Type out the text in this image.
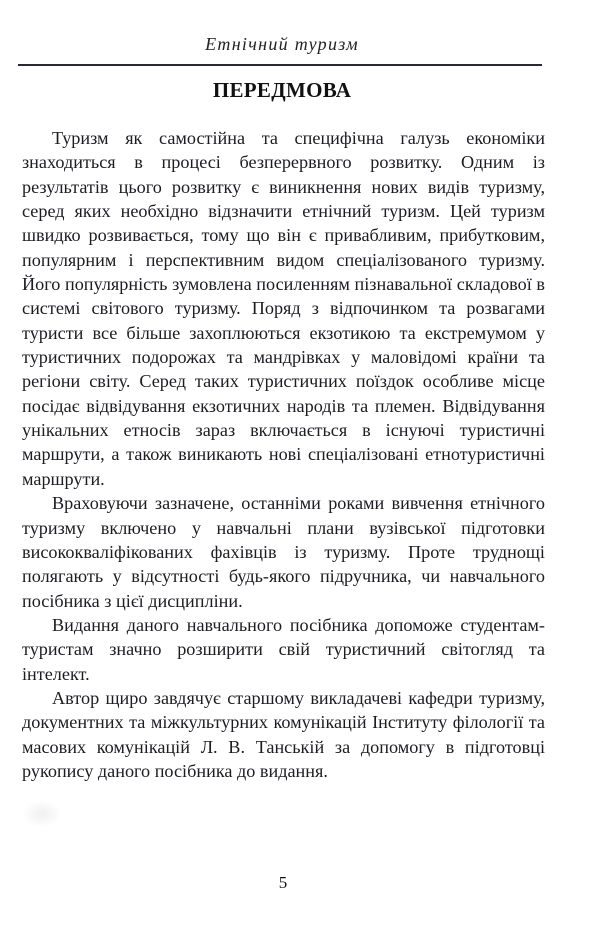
Етнічний туризм
ПЕРЕДМОВА

Туризм як самостійна та специфічна галузь економіки знаходиться в процесі безперервного розвитку. Одним із результатів цього розвитку є виникнення нових видів туризму, серед яких необхідно відзначити етнічний туризм. Цей туризм швидко розвивається, тому що він є привабливим, прибутковим, популярним і перспективним видом спеціалізованого туризму. Його популярність зумовлена посиленням пізнавальної складової в системі світового туризму. Поряд з відпочинком та розвагами туристи все більше захоплюються екзотикою та екстремумом у туристичних подорожах та мандрівках у маловідомі країни та регіони світу. Серед таких туристичних поїздок особливе місце посідає відвідування екзотичних народів та племен. Відвідування унікальних етносів зараз включається в існуючі туристичні маршрути, а також виникають нові спеціалізовані етнотуристичні маршрути.

Враховуючи зазначене, останніми роками вивчення етнічного туризму включено у навчальні плани вузівської підготовки висококваліфікованих фахівців із туризму. Проте труднощі полягають у відсутності будь-якого підручника, чи навчального посібника з цієї дисципліни.

Видання даного навчального посібника допоможе студентам-туристам значно розширити свій туристичний світогляд та інтелект.

Автор щиро завдячує старшому викладачеві кафедри туризму, документних та міжкультурних комунікацій Інституту філології та масових комунікацій Л. В. Танській за допомогу в підготовці рукопису даного посібника до видання.

5
